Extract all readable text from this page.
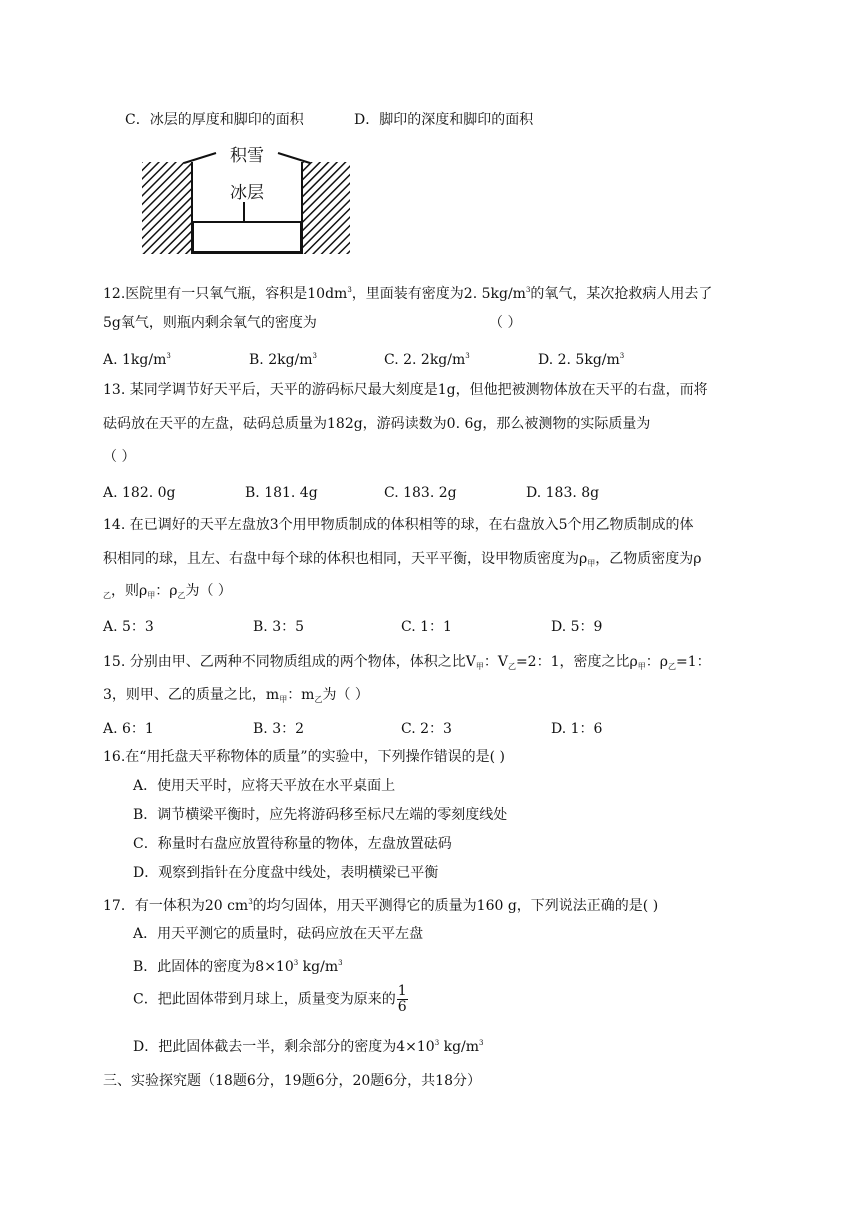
C．冰层的厚度和脚印的面积	D．脚印的深度和脚印的面积
积雪
冰层
12.医院里有一只氧气瓶，容积是$10dm^3$，里面装有密度为2. $5kg/m^3$的氧气，某次抢救病人用去了
5g氧气，则瓶内剩余氧气的密度为	（ ）
A. $1kg/m^3$	B. $2kg/m^3$	C. 2. $2kg/m^3$	D. 2. $5kg/m^3$
13. 某同学调节好天平后，天平的游码标尺最大刻度是1g，但他把被测物体放在天平的右盘，而将
砝码放在天平的左盘，砝码总质量为182g，游码读数为0. 6g，那么被测物的实际质量为
（ ）
A. 182. 0g	B. 181. 4g	C. 183. 2g	D. 183. 8g
14. 在已调好的天平左盘放3个用甲物质制成的体积相等的球，在右盘放入5个用乙物质制成的体
积相同的球，且左、右盘中每个球的体积也相同，天平平衡，设甲物质密度为$\rho_甲$，乙物质密度为ρ
$_乙$，则$\rho_甲$：$\rho_乙$为（ ）
A. 5：3	B. 3：5	C. 1：1	D. 5：9
15. 分别由甲、乙两种不同物质组成的两个物体，体积之比$V_甲$：$V_乙=2$：1，密度之比$\rho_甲$：$\rho_乙=1$：
3，则甲、乙的质量之比，$m_甲$：$m_乙$为（ ）
A. 6：1	B. 3：2	C. 2：3	D. 1：6
16.在“用托盘天平称物体的质量”的实验中，下列操作错误的是( )
A．使用天平时，应将天平放在水平桌面上
B．调节横梁平衡时，应先将游码移至标尺左端的零刻度线处
C．称量时右盘应放置待称量的物体，左盘放置砝码
D．观察到指针在分度盘中线处，表明横梁已平衡
17．有一体积为20 $cm^3$的均匀固体，用天平测得它的质量为160 g，下列说法正确的是( )
A．用天平测它的质量时，砝码应放在天平左盘
B．此固体的密度为$8\times 10^3$ $kg/m^3$
C．把此固体带到月球上，质量变为原来的 $\frac{1}{6}$
D．把此固体截去一半，剩余部分的密度为$4\times 10^3$ $kg/m^3$
三、实验探究题（18题6分，19题6分，20题6分，共18分）
